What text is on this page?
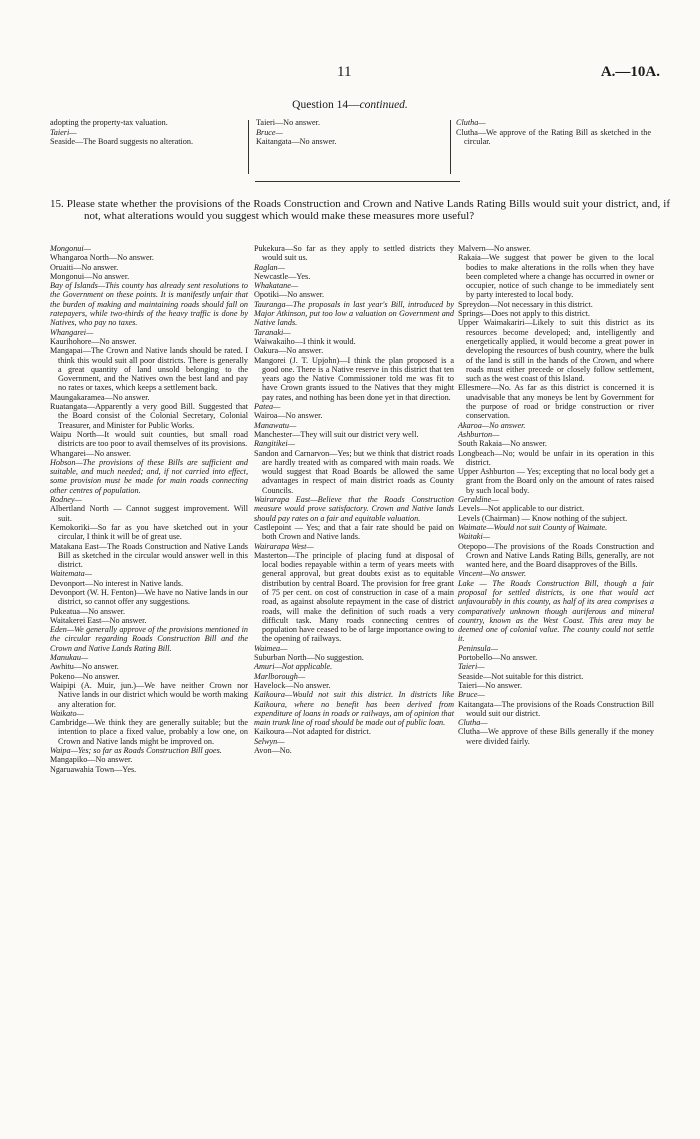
11	A.—10A.
Question 14—continued.

adopting the property-tax valuation.

Taieri—

Seaside—The Board suggests no alteration.

Taieri—No answer.

Bruce—

Kaitangata—No answer.

Clutha—

Clutha—We approve of the Rating Bill as sketched in the circular.

15. Please state whether the provisions of the Roads Construction and Crown and Native Lands Rating Bills would suit your district, and, if not, what alterations would you suggest which would make these measures more useful?

Mongonui—

Whangaroa North—No answer.

Oruaiti—No answer.

Mongonui—No answer.

Bay of Islands—This county has already sent resolutions to the Government on these points. It is manifestly unfair that the burden of making and maintaining roads should fall on ratepayers, while two-thirds of the heavy traffic is done by Natives, who pay no taxes.

Whangarei—

Kaurihohore—No answer.

Mangapai—The Crown and Native lands should be rated. I think this would suit all poor districts. There is generally a great quantity of land unsold belonging to the Government, and the Natives own the best land and pay no rates or taxes, which keeps a settlement back.

Maungakaramea—No answer.

Ruatangata—Apparently a very good Bill. Suggested that the Board consist of the Colonial Secretary, Colonial Treasurer, and Minister for Public Works.

Waipu North—It would suit counties, but small road districts are too poor to avail themselves of its provisions.

Whangarei—No answer.

Hobson—The provisions of these Bills are sufficient and suitable, and much needed; and, if not carried into effect, some provision must be made for main roads connecting other centres of population.

Rodney—

Albertland North — Cannot suggest improvement. Will suit.

Kemokoriki—So far as you have sketched out in your circular, I think it will be of great use.

Matakana East—The Roads Construction and Native Lands Bill as sketched in the circular would answer well in this district.

Waitemata—

Devonport—No interest in Native lands.

Devonport (W. H. Fenton)—We have no Native lands in our district, so cannot offer any suggestions.

Pukeatua—No answer.

Waitakerei East—No answer.

Eden—We generally approve of the provisions mentioned in the circular regarding Roads Construction Bill and the Crown and Native Lands Rating Bill.

Manukau—

Awhitu—No answer.

Pokeno—No answer.

Waipipi (A. Muir, jun.)—We have neither Crown nor Native lands in our district which would be worth making any alteration for.

Waikato—

Cambridge—We think they are generally suitable; but the intention to place a fixed value, probably a low one, on Crown and Native lands might be improved on.

Waipa—Yes; so far as Roads Construction Bill goes.

Mangapiko—No answer.

Ngaruawahia Town—Yes.

Pukekura—So far as they apply to settled districts they would suit us.

Raglan—

Newcastle—Yes.

Whakatane—

Opotiki—No answer.

Tauranga—The proposals in last year's Bill, introduced by Major Atkinson, put too low a valuation on Government and Native lands.

Taranaki—

Waiwakaiho—I think it would.

Oakura—No answer.

Mangorei (J. T. Upjohn)—I think the plan proposed is a good one. There is a Native reserve in this district that ten years ago the Native Commissioner told me was fit to have Crown grants issued to the Natives that they might pay rates, and nothing has been done yet in that direction.

Patea—

Wairoa—No answer.

Manawatu—

Manchester—They will suit our district very well.

Rangitikei—

Sandon and Carnarvon—Yes; but we think that district roads are hardly treated with as compared with main roads. We would suggest that Road Boards be allowed the same advantages in respect of main district roads as County Councils.

Wairarapa East—Believe that the Roads Construction measure would prove satisfactory. Crown and Native lands should pay rates on a fair and equitable valuation.

Castlepoint — Yes; and that a fair rate should be paid on both Crown and Native lands.

Wairarapa West—

Masterton—The principle of placing fund at disposal of local bodies repayable within a term of years meets with general approval, but great doubts exist as to equitable distribution by central Board. The provision for free grant of 75 per cent. on cost of construction in case of a main road, as against absolute repayment in the case of district roads, will make the definition of such roads a very difficult task. Many roads connecting centres of population have ceased to be of large importance owing to the opening of railways.

Waimea—

Suburban North—No suggestion.

Amuri—Not applicable.

Marlborough—

Havelock—No answer.

Kaikoura—Would not suit this district. In districts like Kaikoura, where no benefit has been derived from expenditure of loans in roads or railways, am of opinion that main trunk line of road should be made out of public loan.

Kaikoura—Not adapted for district.

Selwyn—

Avon—No.

Malvern—No answer.

Rakaia—We suggest that power be given to the local bodies to make alterations in the rolls when they have been completed where a change has occurred in owner or occupier, notice of such change to be immediately sent by party interested to local body.

Spreydon—Not necessary in this district.

Springs—Does not apply to this district.

Upper Waimakariri—Likely to suit this district as its resources become developed; and, intelligently and energetically applied, it would become a great power in developing the resources of bush country, where the bulk of the land is still in the hands of the Crown, and where roads must either precede or closely follow settlement, such as the west coast of this Island.

Ellesmere—No. As far as this district is concerned it is unadvisable that any moneys be lent by Government for the purpose of road or bridge construction or river conservation.

Akaroa—No answer.

Ashburton—

South Rakaia—No answer.

Longbeach—No; would be unfair in its operation in this district.

Upper Ashburton — Yes; excepting that no local body get a grant from the Board only on the amount of rates raised by such local body.

Geraldine—

Levels—Not applicable to our district.

Levels (Chairman) — Know nothing of the subject.

Waimate—Would not suit County of Waimate.

Waitaki—

Otepopo—The provisions of the Roads Construction and Crown and Native Lands Rating Bills, generally, are not wanted here, and the Board disapproves of the Bills.

Vincent—No answer.

Lake — The Roads Construction Bill, though a fair proposal for settled districts, is one that would act unfavourably in this county, as half of its area comprises a comparatively unknown though auriferous and mineral country, known as the West Coast. This area may be deemed one of colonial value. The county could not settle it.

Peninsula—

Portobello—No answer.

Taieri—

Seaside—Not suitable for this district.

Taieri—No answer.

Bruce—

Kaitangata—The provisions of the Roads Construction Bill would suit our district.

Clutha—

Clutha—We approve of these Bills generally if the money were divided fairly.
